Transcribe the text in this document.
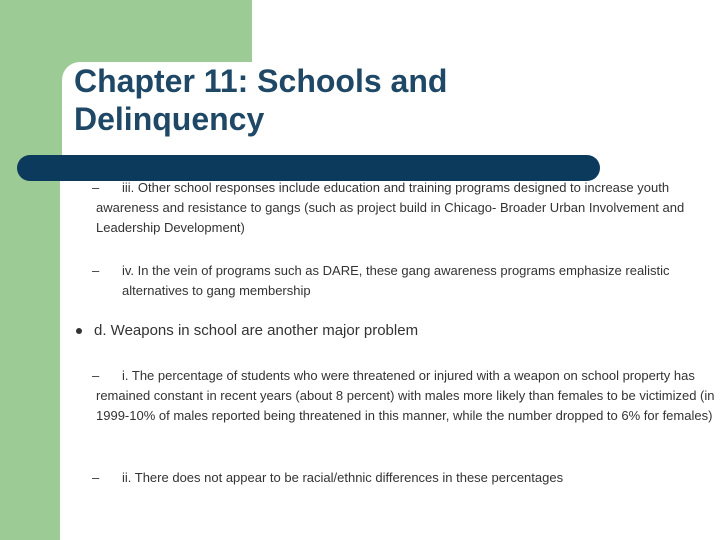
Chapter 11: Schools and Delinquency
– iii. Other school responses include education and training programs designed to increase youth awareness and resistance to gangs (such as project build in Chicago- Broader Urban Involvement and Leadership Development)
–	iv. In the vein of programs such as DARE, these gang awareness programs emphasize realistic alternatives to gang membership
d. Weapons in school are another major problem
– i. The percentage of students who were threatened or injured with a weapon on school property has remained constant in recent years (about 8 percent) with males more likely than females to be victimized (in 1999-10% of males reported being threatened in this manner, while the number dropped to 6% for females)
–	ii. There does not appear to be racial/ethnic differences in these percentages
